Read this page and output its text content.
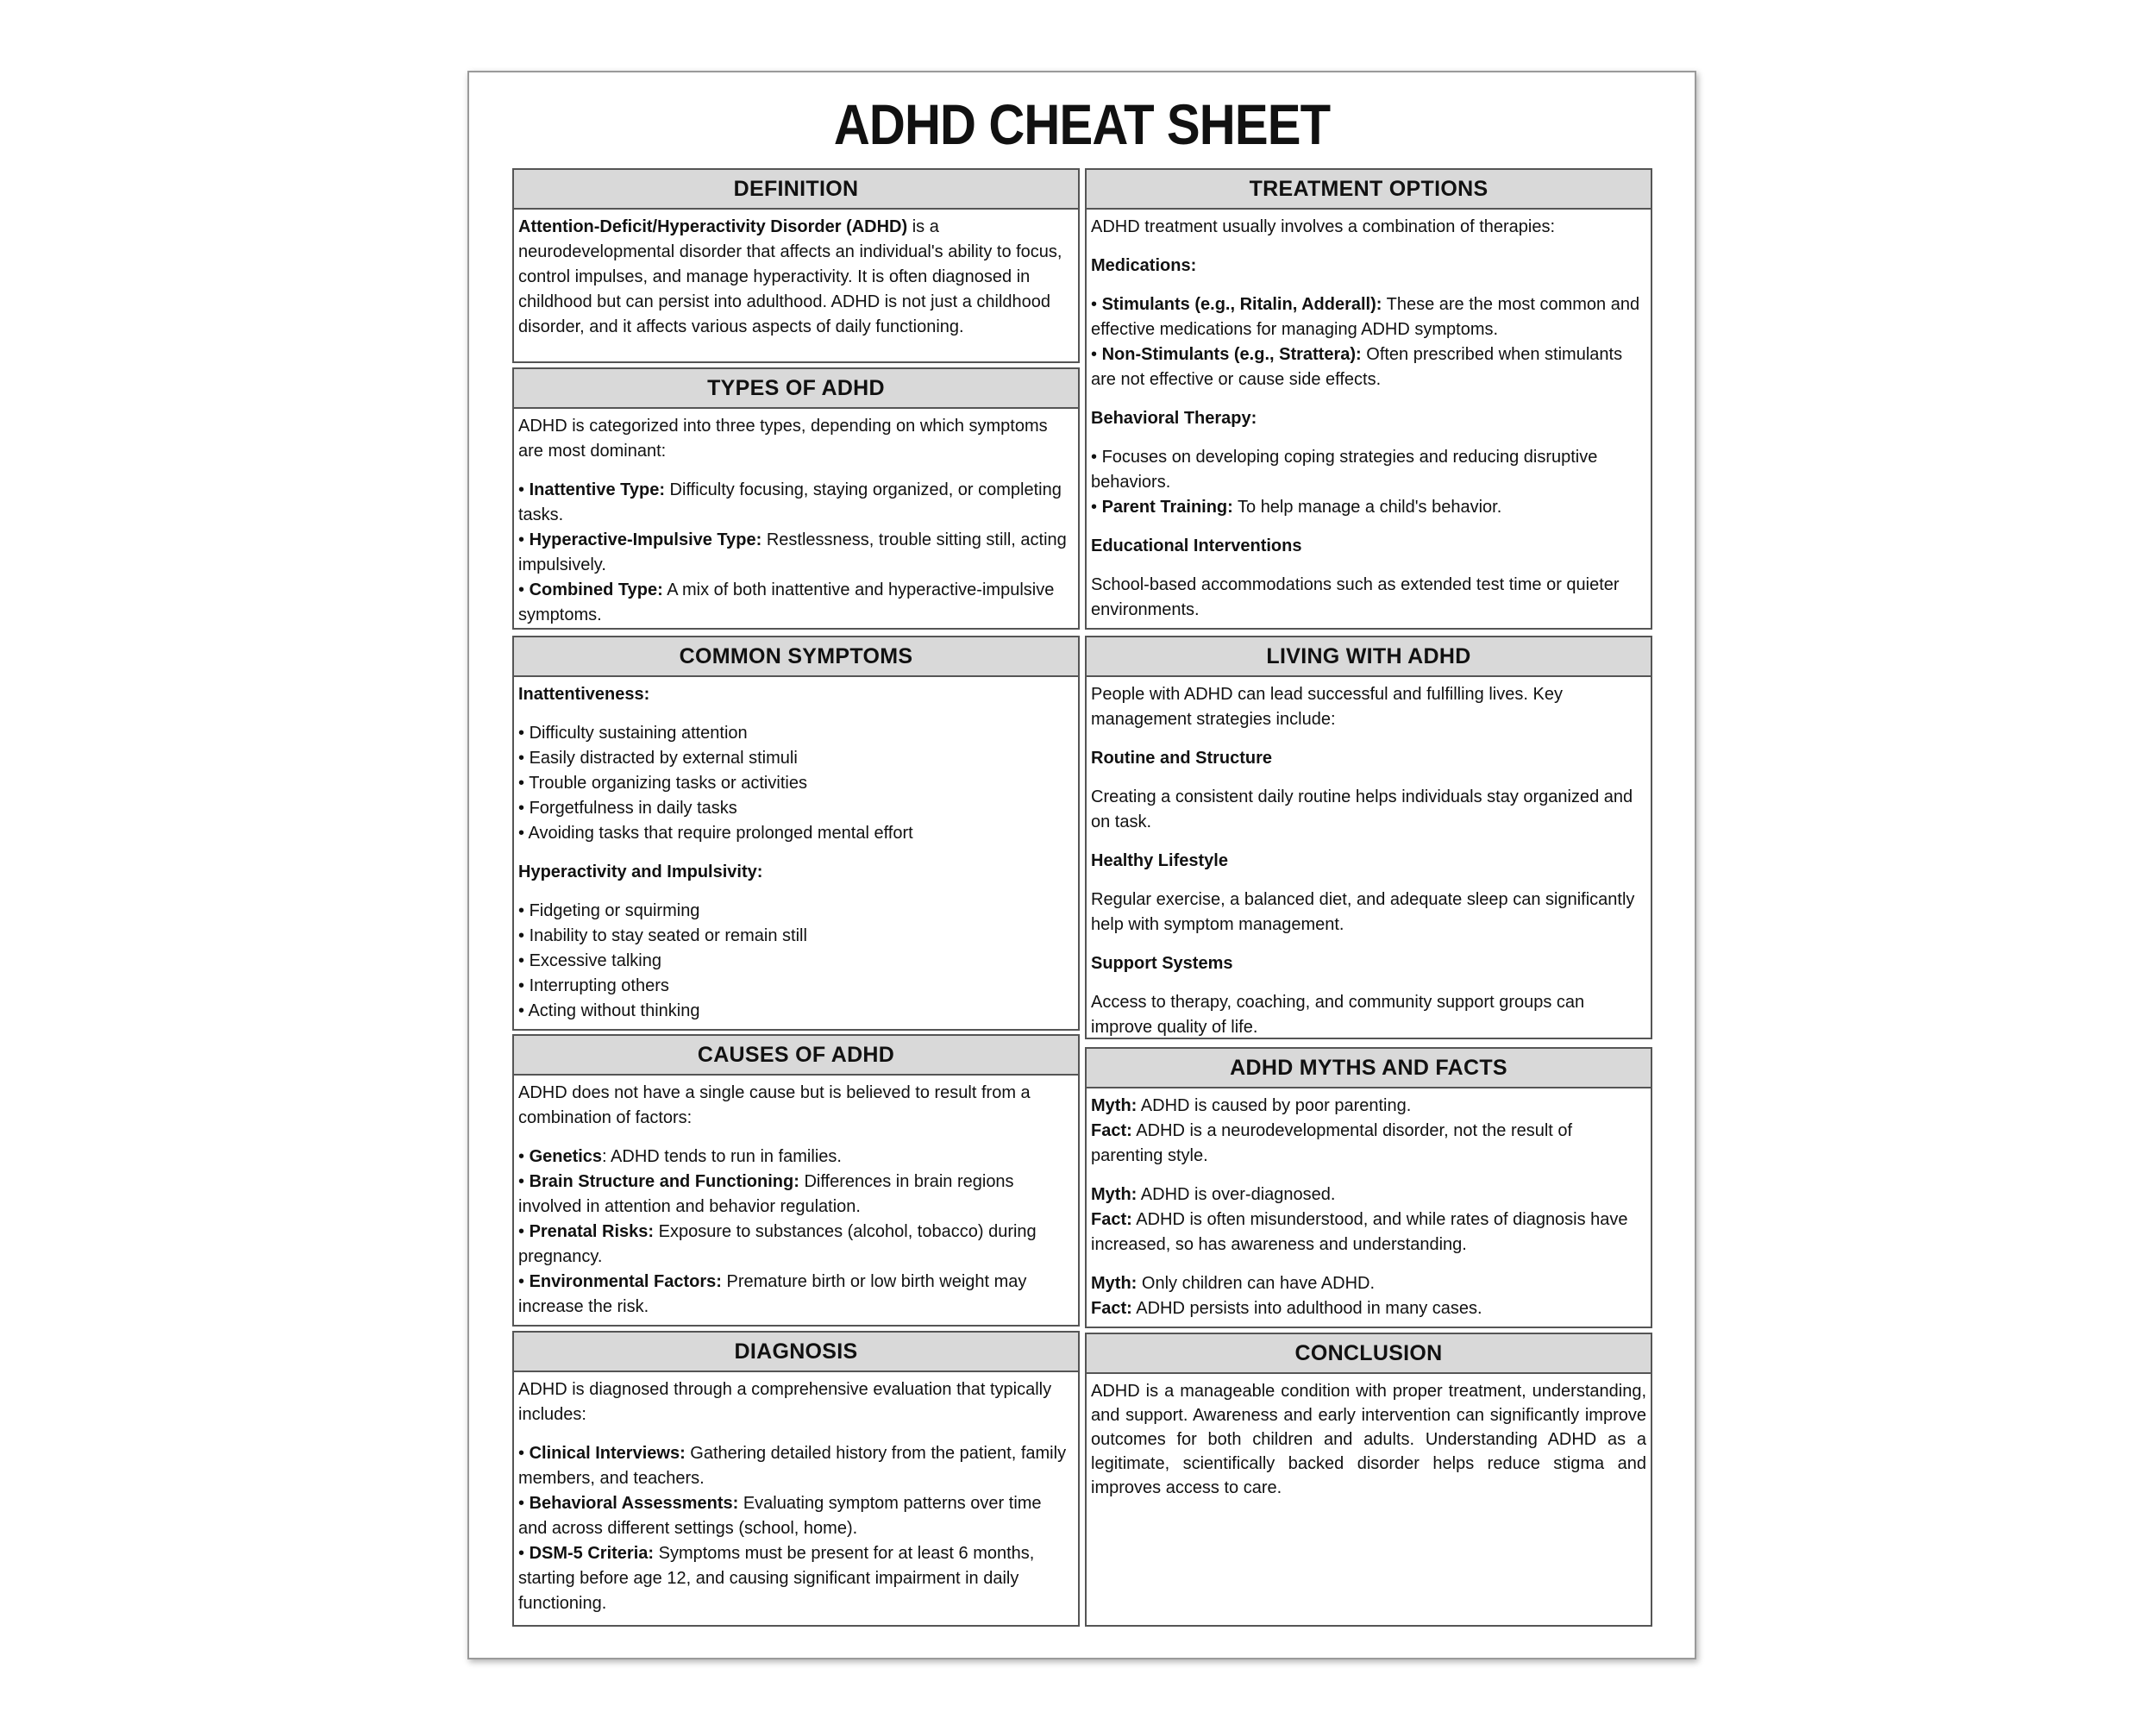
ADHD CHEAT SHEET
DEFINITION

Attention-Deficit/Hyperactivity Disorder (ADHD) is a neurodevelopmental disorder that affects an individual's ability to focus, control impulses, and manage hyperactivity. It is often diagnosed in childhood but can persist into adulthood. ADHD is not just a childhood disorder, and it affects various aspects of daily functioning.

TYPES OF ADHD

ADHD is categorized into three types, depending on which symptoms are most dominant:

• Inattentive Type: Difficulty focusing, staying organized, or completing tasks.
• Hyperactive-Impulsive Type: Restlessness, trouble sitting still, acting impulsively.
• Combined Type: A mix of both inattentive and hyperactive-impulsive symptoms.
COMMON SYMPTOMS

Inattentiveness:

• Difficulty sustaining attention
• Easily distracted by external stimuli
• Trouble organizing tasks or activities
• Forgetfulness in daily tasks
• Avoiding tasks that require prolonged mental effort

Hyperactivity and Impulsivity:

• Fidgeting or squirming
• Inability to stay seated or remain still
• Excessive talking
• Interrupting others
• Acting without thinking
CAUSES OF ADHD

ADHD does not have a single cause but is believed to result from a combination of factors:

• Genetics: ADHD tends to run in families.
• Brain Structure and Functioning: Differences in brain regions involved in attention and behavior regulation.
• Prenatal Risks: Exposure to substances (alcohol, tobacco) during pregnancy.
• Environmental Factors: Premature birth or low birth weight may increase the risk.
DIAGNOSIS

ADHD is diagnosed through a comprehensive evaluation that typically includes:

• Clinical Interviews: Gathering detailed history from the patient, family members, and teachers.
• Behavioral Assessments: Evaluating symptom patterns over time and across different settings (school, home).
• DSM-5 Criteria: Symptoms must be present for at least 6 months, starting before age 12, and causing significant impairment in daily functioning.
TREATMENT OPTIONS

ADHD treatment usually involves a combination of therapies:

Medications:

• Stimulants (e.g., Ritalin, Adderall): These are the most common and effective medications for managing ADHD symptoms.
• Non-Stimulants (e.g., Strattera): Often prescribed when stimulants are not effective or cause side effects.

Behavioral Therapy:

• Focuses on developing coping strategies and reducing disruptive behaviors.
• Parent Training: To help manage a child's behavior.

Educational Interventions

School-based accommodations such as extended test time or quieter environments.

LIVING WITH ADHD

People with ADHD can lead successful and fulfilling lives. Key management strategies include:

Routine and Structure

Creating a consistent daily routine helps individuals stay organized and on task.

Healthy Lifestyle

Regular exercise, a balanced diet, and adequate sleep can significantly help with symptom management.

Support Systems

Access to therapy, coaching, and community support groups can improve quality of life.

ADHD MYTHS AND FACTS
Myth: ADHD is caused by poor parenting.
Fact: ADHD is a neurodevelopmental disorder, not the result of parenting style.
Myth: ADHD is over-diagnosed.
Fact: ADHD is often misunderstood, and while rates of diagnosis have increased, so has awareness and understanding.
Myth: Only children can have ADHD.
Fact: ADHD persists into adulthood in many cases.
CONCLUSION

ADHD is a manageable condition with proper treatment, understanding, and support. Awareness and early intervention can significantly improve outcomes for both children and adults. Understanding ADHD as a legitimate, scientifically backed disorder helps reduce stigma and improves access to care.
